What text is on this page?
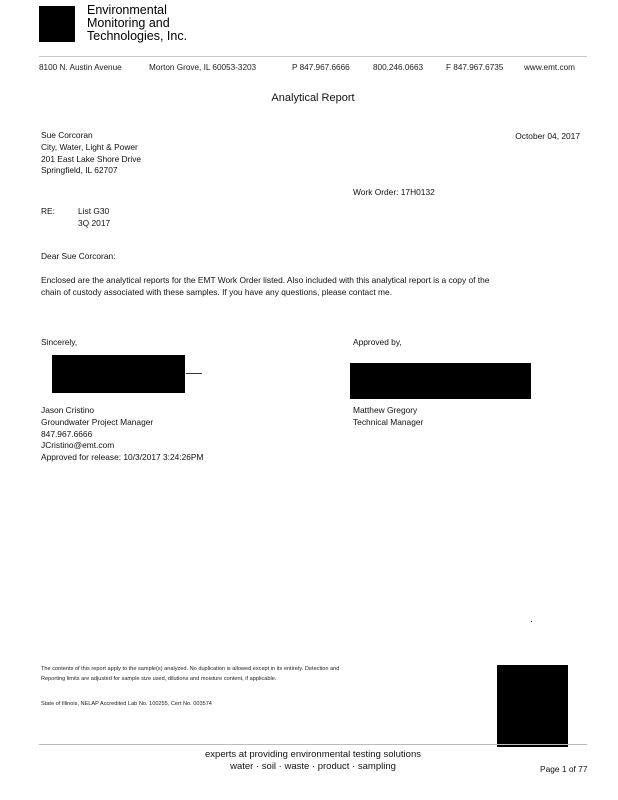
Environmental
Monitoring and
Technologies, Inc.
8100 N. Austin Avenue	Morton Grove, IL 60053-3203	P 847.967.6666	800.246.0663	F 847.967.6735	www.emt.com
Analytical Report
Sue Corcoran
City, Water, Light & Power
201 East Lake Shore Drive
Springfield, IL 62707
October 04, 2017
Work Order: 17H0132
RE:	List G30
3Q 2017
Dear Sue Corcoran:
Enclosed are the analytical reports for the EMT Work Order listed. Also included with this analytical report is a copy of the
chain of custody associated with these samples. If you have any questions, please contact me.
Sincerely,	Approved by,
Jason Cristino
Groundwater Project Manager
847.967.6666
JCristino@emt.com
Approved for release: 10/3/2017 3:24:26PM
Matthew Gregory
Technical Manager
The contents of this report apply to the sample(s) analyzed. No duplication is allowed except in its entirety. Detection and
Reporting limits are adjusted for sample size used, dilutions and moisture content, if applicable.
State of Illinois, NELAP Accredited Lab No. 100255, Cert No. 003574
experts at providing environmental testing solutions
water · soil · waste · product · sampling	Page 1 of 77
